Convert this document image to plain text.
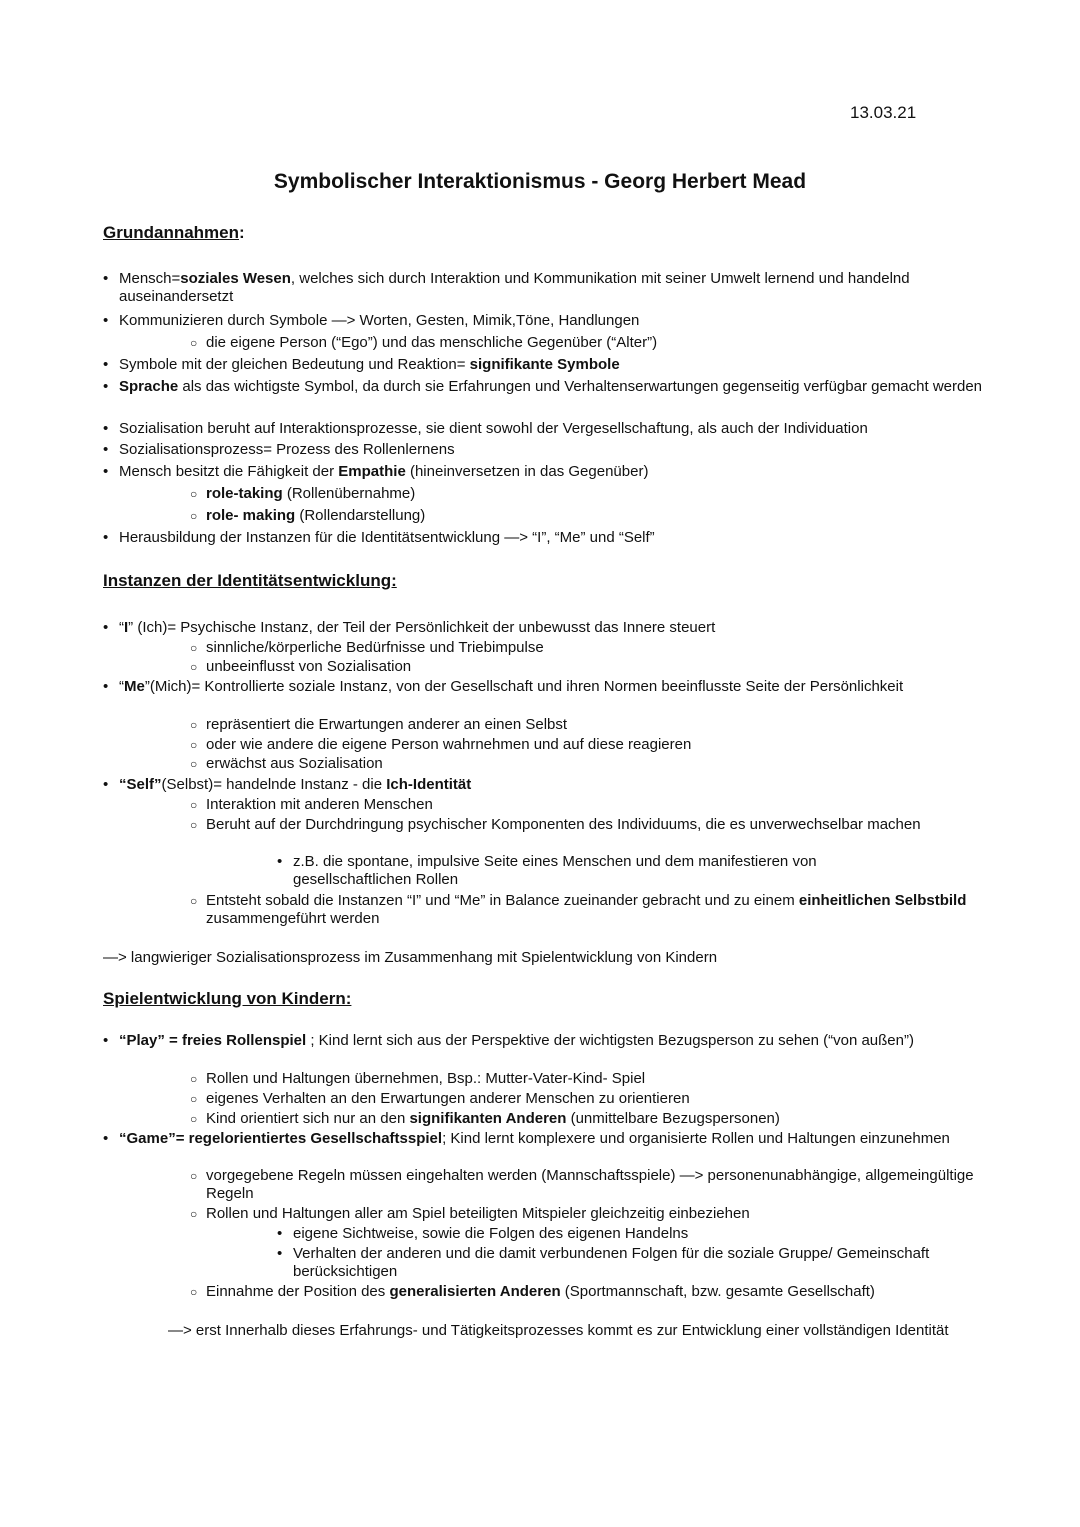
13.03.21
Symbolischer Interaktionismus - Georg Herbert Mead
Grundannahmen:
• Mensch=soziales Wesen, welches sich durch Interaktion und Kommunikation mit seiner Umwelt lernend und handelnd auseinandersetzt
• Kommunizieren durch Symbole —> Worten, Gesten, Mimik,Töne, Handlungen
○ die eigene Person (“Ego”) und das menschliche Gegenüber (“Alter”)
• Symbole mit der gleichen Bedeutung und Reaktion= signifikante Symbole
• Sprache als das wichtigste Symbol, da durch sie Erfahrungen und Verhaltenserwartungen gegenseitig verfügbar gemacht werden
• Sozialisation beruht auf Interaktionsprozesse, sie dient sowohl der Vergesellschaftung, als auch der Individuation
• Sozialisationsprozess= Prozess des Rollenlernens
• Mensch besitzt die Fähigkeit der Empathie (hineinversetzen in das Gegenüber)
○ role-taking (Rollenübernahme)
○ role- making (Rollendarstellung)
• Herausbildung der Instanzen für die Identitätsentwicklung —> “I”, “Me” und “Self”
Instanzen der Identitätsentwicklung:
• “I” (Ich)= Psychische Instanz, der Teil der Persönlichkeit der unbewusst das Innere steuert
○ sinnliche/körperliche Bedürfnisse und Triebimpulse
○ unbeeinflusst von Sozialisation
• “Me”(Mich)= Kontrollierte soziale Instanz, von der Gesellschaft und ihren Normen beeinflusste Seite der Persönlichkeit
○ repräsentiert die Erwartungen anderer an einen Selbst
○ oder wie andere die eigene Person wahrnehmen und auf diese reagieren
○ erwächst aus Sozialisation
• “Self”(Selbst)= handelnde Instanz - die Ich-Identität
○ Interaktion mit anderen Menschen
○ Beruht auf der Durchdringung psychischer Komponenten des Individuums, die es unverwechselbar machen
• z.B. die spontane, impulsive Seite eines Menschen und dem manifestieren von gesellschaftlichen Rollen
○ Entsteht sobald die Instanzen “I” und “Me” in Balance zueinander gebracht und zu einem einheitlichen Selbstbild zusammengeführt werden
—> langwieriger Sozialisationsprozess im Zusammenhang mit Spielentwicklung von Kindern
Spielentwicklung von Kindern:
• “Play” = freies Rollenspiel ; Kind lernt sich aus der Perspektive der wichtigsten Bezugsperson zu sehen (“von außen”)
○ Rollen und Haltungen übernehmen, Bsp.: Mutter-Vater-Kind- Spiel
○ eigenes Verhalten an den Erwartungen anderer Menschen zu orientieren
○ Kind orientiert sich nur an den signifikanten Anderen (unmittelbare Bezugspersonen)
• “Game”= regelorientiertes Gesellschaftsspiel; Kind lernt komplexere und organisierte Rollen und Haltungen einzunehmen
○ vorgegebene Regeln müssen eingehalten werden (Mannschaftsspiele) —> personenunabhängige, allgemeingültige Regeln
○ Rollen und Haltungen aller am Spiel beteiligten Mitspieler gleichzeitig einbeziehen
• eigene Sichtweise, sowie die Folgen des eigenen Handelns
• Verhalten der anderen und die damit verbundenen Folgen für die soziale Gruppe/ Gemeinschaft berücksichtigen
○ Einnahme der Position des generalisierten Anderen (Sportmannschaft, bzw. gesamte Gesellschaft)
—> erst Innerhalb dieses Erfahrungs- und Tätigkeitsprozesses kommt es zur Entwicklung einer vollständigen Identität
